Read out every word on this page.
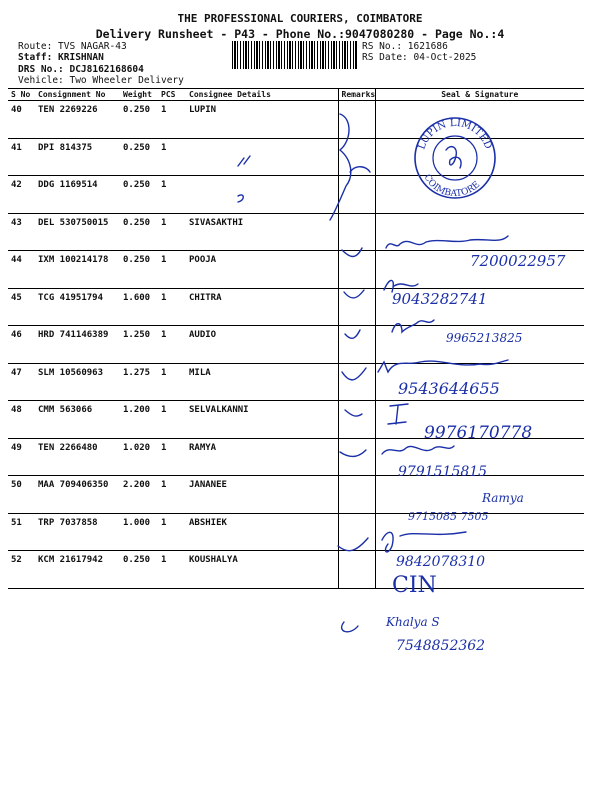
THE PROFESSIONAL COURIERS, COIMBATORE
Delivery Runsheet - P43 - Phone No.:9047080280 - Page No.:4
Route: TVS NAGAR-43
Staff: KRISHNAN
DRS No.: DCJ8162168604
Vehicle: Two Wheeler Delivery
RS No.: 1621686
RS Date: 04-Oct-2025
S No	Consignment No	Weight	PCS	Consignee Details	Remarks	Seal & Signature
40	TEN 2269226	0.250	1	LUPIN		
41	DPI 814375	0.250	1			
42	DDG 1169514	0.250	1			
43	DEL 530750015	0.250	1	SIVASAKTHI		
44	IXM 100214178	0.250	1	POOJA		
45	TCG 41951794	1.600	1	CHITRA		
46	HRD 741146389	1.250	1	AUDIO		
47	SLM 10560963	1.275	1	MILA		
48	CMM 563066	1.200	1	SELVALKANNI		
49	TEN 2266480	1.020	1	RAMYA		
50	MAA 709406350	2.200	1	JANANEE		
51	TRP 7037858	1.000	1	ABSHIEK		
52	KCM 21617942	0.250	1	KOUSHALYA		
LUPIN LIMITED
COIMBATORE
7200022957
9043282741
9965213825
9543644655
9976170778
9791515815
Ramya
9715085 7505
9842078310
CIN
Khalya S
7548852362
